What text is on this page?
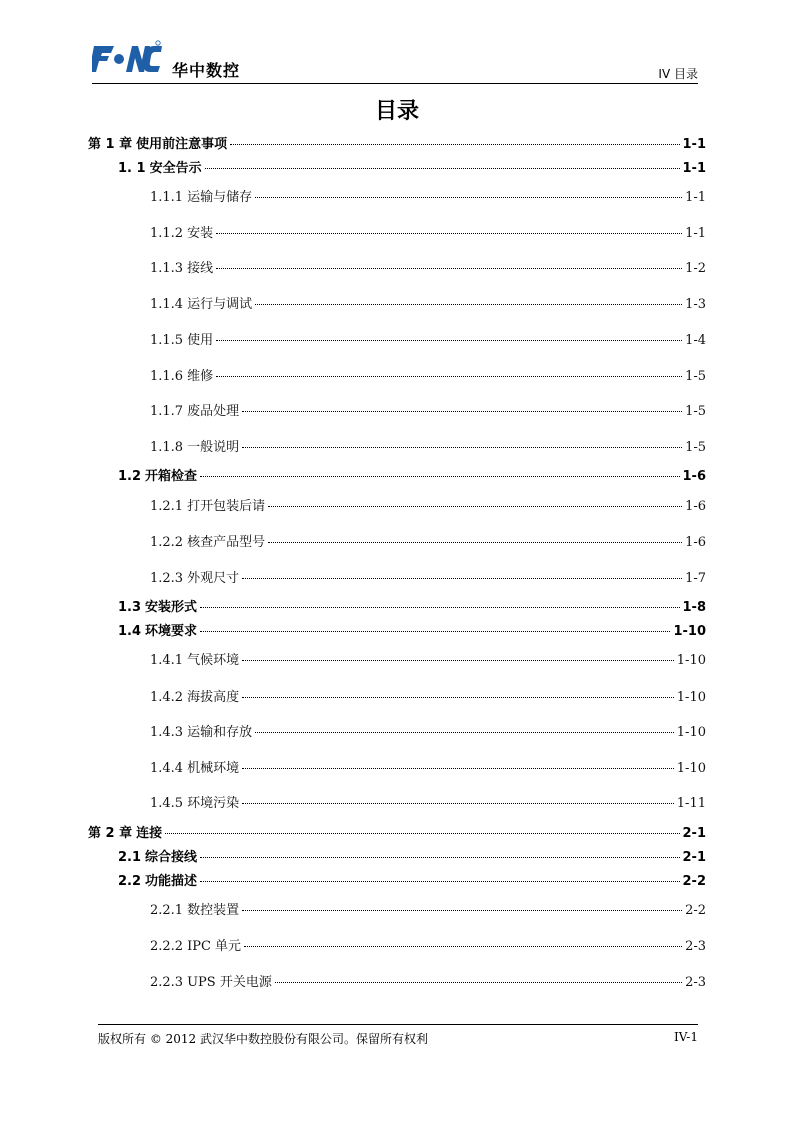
华中数控	IV 目录
目录
第 1 章 使用前注意事项	1-1
1. 1 安全告示	1-1
1.1.1 运输与储存	1-1
1.1.2 安装	1-1
1.1.3 接线	1-2
1.1.4 运行与调试	1-3
1.1.5 使用	1-4
1.1.6 维修	1-5
1.1.7 废品处理	1-5
1.1.8 一般说明	1-5
1.2 开箱检查	1-6
1.2.1 打开包装后请	1-6
1.2.2 核查产品型号	1-6
1.2.3 外观尺寸	1-7
1.3 安装形式	1-8
1.4 环境要求	1-10
1.4.1 气候环境	1-10
1.4.2 海拔高度	1-10
1.4.3 运输和存放	1-10
1.4.4 机械环境	1-10
1.4.5 环境污染	1-11
第 2 章 连接	2-1
2.1 综合接线	2-1
2.2 功能描述	2-2
2.2.1 数控装置	2-2
2.2.2 IPC 单元	2-3
2.2.3 UPS 开关电源	2-3
版权所有 © 2012 武汉华中数控股份有限公司。保留所有权利	IV-1
